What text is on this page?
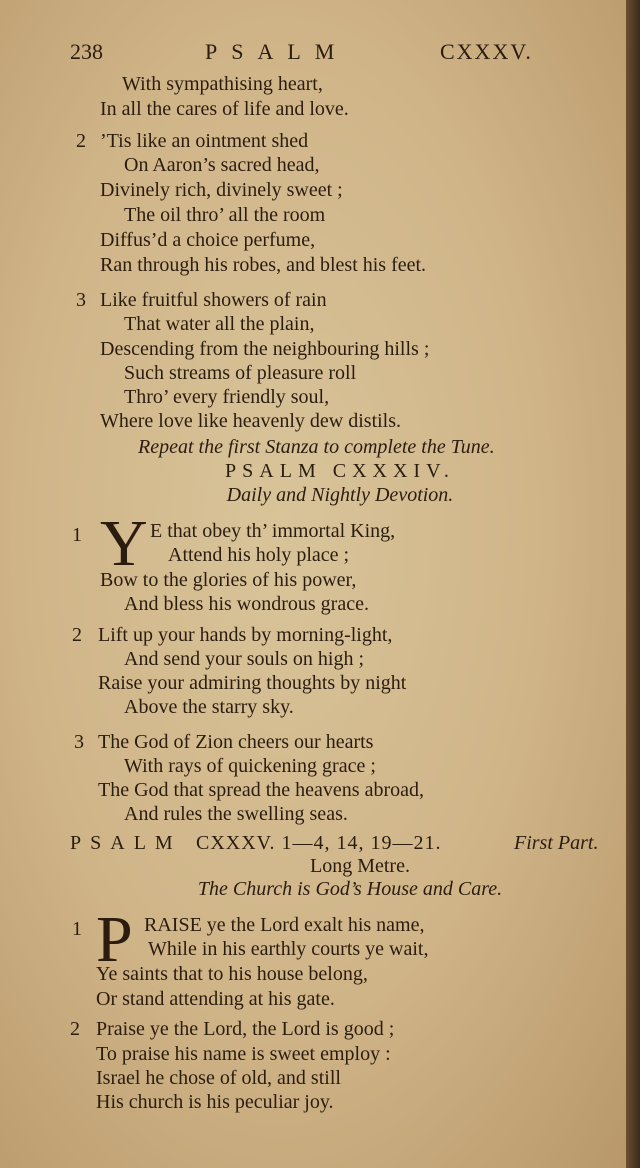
238	PSALM	CXXXV.
With sympathising heart,
In all the cares of life and love.
2 ’Tis like an ointment shed
On Aaron’s sacred head,
Divinely rich, divinely sweet ;
The oil thro’ all the room
Diffus’d a choice perfume,
Ran through his robes, and blest his feet.
3 Like fruitful showers of rain
That water all the plain,
Descending from the neighbouring hills ;
Such streams of pleasure roll
Thro’ every friendly soul,
Where love like heavenly dew distils.
Repeat the first Stanza to complete the Tune.
PSALM CXXXIV.
Daily and Nightly Devotion.
1 Y E that obey th’ immortal King,
Attend his holy place ;
Bow to the glories of his power,
And bless his wondrous grace.
2 Lift up your hands by morning-light,
And send your souls on high ;
Raise your admiring thoughts by night
Above the starry sky.
3 The God of Zion cheers our hearts
With rays of quickening grace ;
The God that spread the heavens abroad,
And rules the swelling seas.
PSALM CXXXV. 1—4, 14, 19—21.	First Part.
Long Metre.
The Church is God’s House and Care.
1 P RAISE ye the Lord exalt his name,
While in his earthly courts ye wait,
Ye saints that to his house belong,
Or stand attending at his gate.
2 Praise ye the Lord, the Lord is good ;
To praise his name is sweet employ :
Israel he chose of old, and still
His church is his peculiar joy.
